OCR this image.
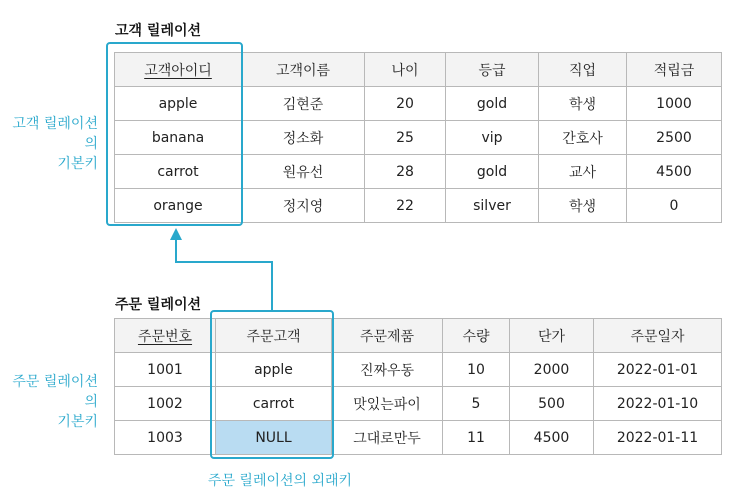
고객 릴레이션
고객 릴레이션의
기본키
고객아이디	고객이름	나이	등급	직업	적립금
apple	김현준	20	gold	학생	1000
banana	정소화	25	vip	간호사	2500
carrot	원유선	28	gold	교사	4500
orange	정지영	22	silver	학생	0
주문 릴레이션
주문 릴레이션의
기본키
주문번호	주문고객	주문제품	수량	단가	주문일자
1001	apple	진짜우동	10	2000	2022-01-01
1002	carrot	맛있는파이	5	500	2022-01-10
1003	NULL	그대로만두	11	4500	2022-01-11
주문 릴레이션의 외래키
